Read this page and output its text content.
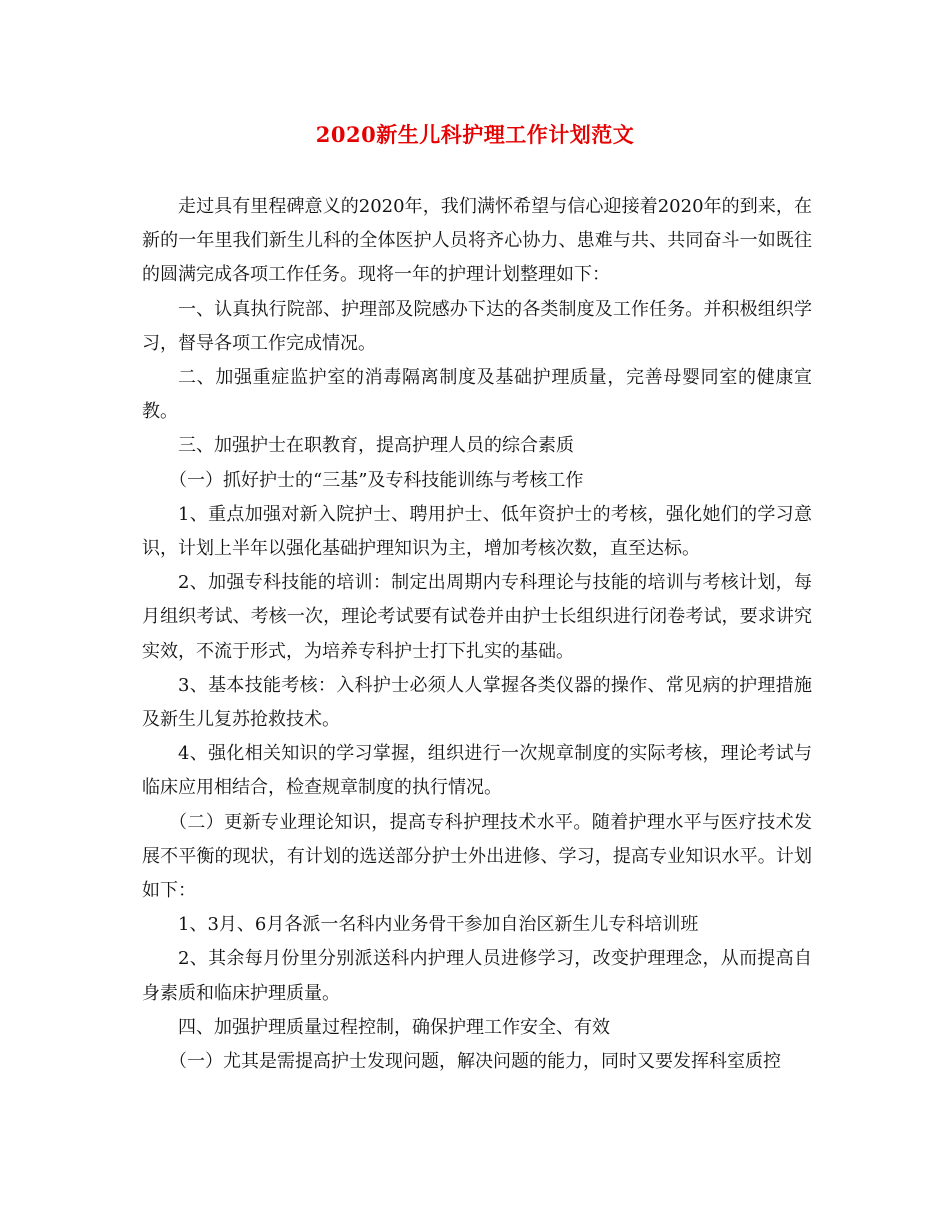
2020新生儿科护理工作计划范文

走过具有里程碑意义的2020年，我们满怀希望与信心迎接着2020年的到来，在新的一年里我们新生儿科的全体医护人员将齐心协力、患难与共、共同奋斗一如既往的圆满完成各项工作任务。现将一年的护理计划整理如下：

一、认真执行院部、护理部及院感办下达的各类制度及工作任务。并积极组织学习，督导各项工作完成情况。

二、加强重症监护室的消毒隔离制度及基础护理质量，完善母婴同室的健康宣教。

三、加强护士在职教育，提高护理人员的综合素质

（一）抓好护士的“三基”及专科技能训练与考核工作

1、重点加强对新入院护士、聘用护士、低年资护士的考核，强化她们的学习意识，计划上半年以强化基础护理知识为主，增加考核次数，直至达标。

2、加强专科技能的培训：制定出周期内专科理论与技能的培训与考核计划，每月组织考试、考核一次，理论考试要有试卷并由护士长组织进行闭卷考试，要求讲究实效，不流于形式，为培养专科护士打下扎实的基础。

3、基本技能考核：入科护士必须人人掌握各类仪器的操作、常见病的护理措施及新生儿复苏抢救技术。

4、强化相关知识的学习掌握，组织进行一次规章制度的实际考核，理论考试与临床应用相结合，检查规章制度的执行情况。

（二）更新专业理论知识，提高专科护理技术水平。随着护理水平与医疗技术发展不平衡的现状，有计划的选送部分护士外出进修、学习，提高专业知识水平。计划如下：

1、3月、6月各派一名科内业务骨干参加自治区新生儿专科培训班

2、其余每月份里分别派送科内护理人员进修学习，改变护理理念，从而提高自身素质和临床护理质量。

四、加强护理质量过程控制，确保护理工作安全、有效

（一）尤其是需提高护士发现问题，解决问题的能力，同时又要发挥科室质控
